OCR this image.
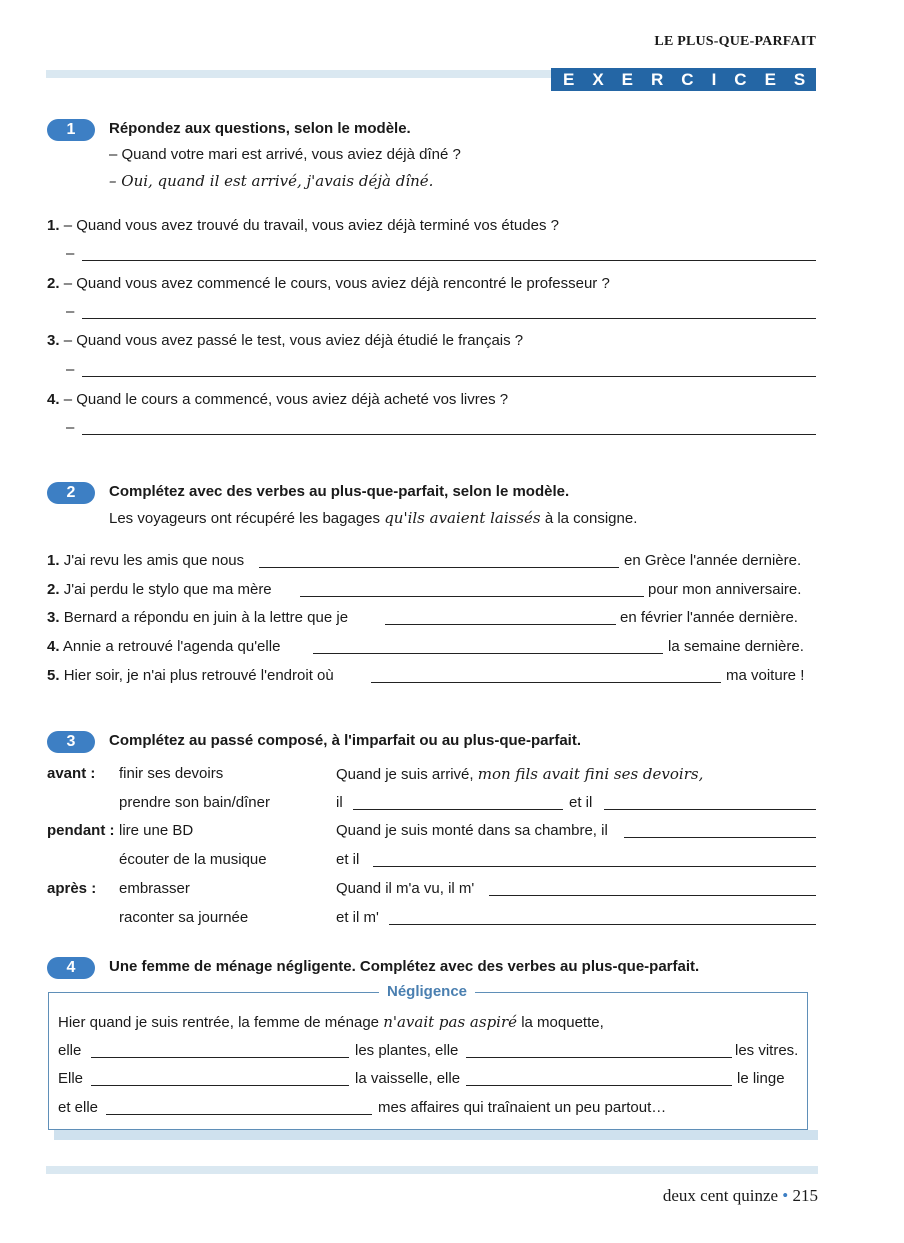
LE PLUS-QUE-PARFAIT
EXERCICES
1	Répondez aux questions, selon le modèle.
– Quand votre mari est arrivé, vous aviez déjà dîné ?
– Oui, quand il est arrivé, j'avais déjà dîné.
1. – Quand vous avez trouvé du travail, vous aviez déjà terminé vos études ?
–
2. – Quand vous avez commencé le cours, vous aviez déjà rencontré le professeur ?
–
3. – Quand vous avez passé le test, vous aviez déjà étudié le français ?
–
4. – Quand le cours a commencé, vous aviez déjà acheté vos livres ?
–
2	Complétez avec des verbes au plus-que-parfait, selon le modèle.
Les voyageurs ont récupéré les bagages qu'ils avaient laissés à la consigne.
1. J'ai revu les amis que nous	en Grèce l'année dernière.
2. J'ai perdu le stylo que ma mère	pour mon anniversaire.
3. Bernard a répondu en juin à la lettre que je	en février l'année dernière.
4. Annie a retrouvé l'agenda qu'elle	la semaine dernière.
5. Hier soir, je n'ai plus retrouvé l'endroit où	ma voiture !
3	Complétez au passé composé, à l'imparfait ou au plus-que-parfait.
avant : finir ses devoirs	Quand je suis arrivé, mon fils avait fini ses devoirs,
prendre son bain/dîner	il	et il
pendant : lire une BD	Quand je suis monté dans sa chambre, il
écouter de la musique	et il
après : embrasser	Quand il m'a vu, il m'
raconter sa journée	et il m'
4	Une femme de ménage négligente. Complétez avec des verbes au plus-que-parfait.
Négligence
Hier quand je suis rentrée, la femme de ménage n'avait pas aspiré la moquette,
elle	les plantes, elle	les vitres.
Elle	la vaisselle, elle	le linge
et elle	mes affaires qui traînaient un peu partout…
deux cent quinze • 215
